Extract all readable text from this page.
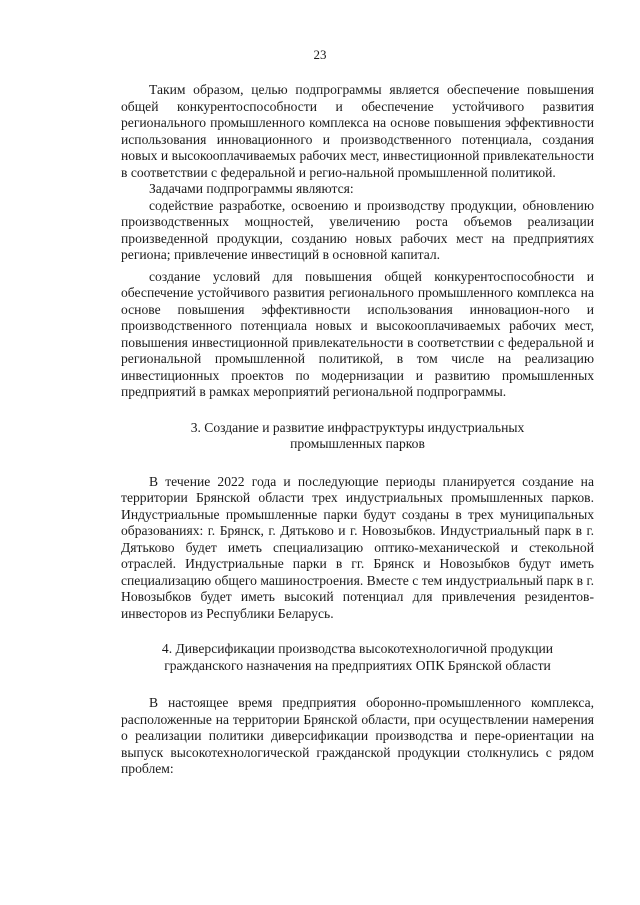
23

Таким образом, целью подпрограммы является обеспечение повышения общей конкурентоспособности и обеспечение устойчивого развития регионального промышленного комплекса на основе повышения эффективности использования инновационного и производственного потенциала, создания новых и высокооплачиваемых рабочих мест, инвестиционной привлекательности в соответствии с федеральной и регио-нальной промышленной политикой.

Задачами подпрограммы являются:

содействие разработке, освоению и производству продукции, обновлению производственных мощностей, увеличению роста объемов реализации произведенной продукции, созданию новых рабочих мест на предприятиях региона; привлечение инвестиций в основной капитал.

создание условий для повышения общей конкурентоспособности и обеспечение устойчивого развития регионального промышленного комплекса на основе повышения эффективности использования инновацион-ного и производственного потенциала новых и высокооплачиваемых рабочих мест, повышения инвестиционной привлекательности в соответствии с федеральной и региональной промышленной политикой, в том числе на реализацию инвестиционных проектов по модернизации и развитию промышленных предприятий в рамках мероприятий региональной подпрограммы.

3. Создание и развитие инфраструктуры индустриальных промышленных парков

В течение 2022 года и последующие периоды планируется создание на территории Брянской области трех индустриальных промышленных парков. Индустриальные промышленные парки будут созданы в трех муниципальных образованиях: г. Брянск, г. Дятьково и г. Новозыбков. Индустриальный парк в г. Дятьково будет иметь специализацию оптико-механической и стекольной отраслей. Индустриальные парки в гг. Брянск и Новозыбков будут иметь специализацию общего машиностроения. Вместе с тем индустриальный парк в г. Новозыбков будет иметь высокий потенциал для привлечения резидентов-инвесторов из Республики Беларусь.

4. Диверсификации производства высокотехнологичной продукции гражданского назначения на предприятиях ОПК Брянской области

В настоящее время предприятия оборонно-промышленного комплекса, расположенные на территории Брянской области, при осуществлении намерения о реализации политики диверсификации производства и пере-ориентации на выпуск высокотехнологической гражданской продукции столкнулись с рядом проблем:
